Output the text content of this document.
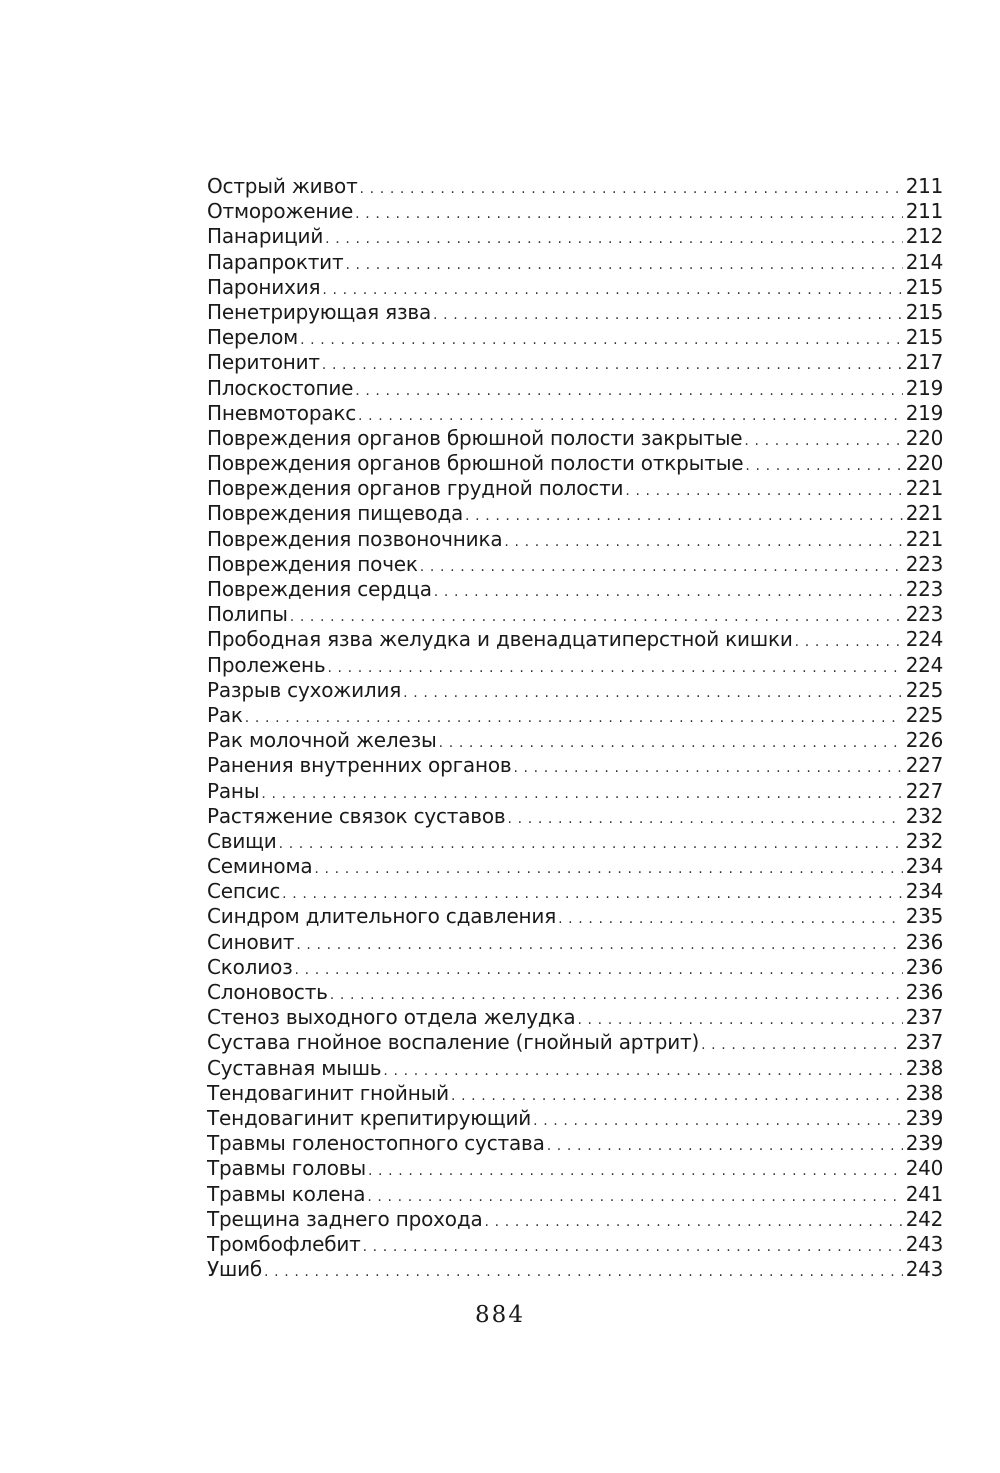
Острый живот . . .	211
Отморожение . . .	211
Панариций . . .	212
Парапроктит . . .	214
Паронихия . . .	215
Пенетрирующая язва . . .	215
Перелом . . .	215
Перитонит . . .	217
Плоскостопие . . .	219
Пневмоторакс . . .	219
Повреждения органов брюшной полости закрытые . . .	220
Повреждения органов брюшной полости открытые . . .	220
Повреждения органов грудной полости . . .	221
Повреждения пищевода . . .	221
Повреждения позвоночника . . .	221
Повреждения почек . . .	223
Повреждения сердца . . .	223
Полипы . . .	223
Прободная язва желудка и двенадцатиперстной кишки . . .	224
Пролежень . . .	224
Разрыв сухожилия . . .	225
Рак . . .	225
Рак молочной железы . . .	226
Ранения внутренних органов . . .	227
Раны . . .	227
Растяжение связок суставов . . .	232
Свищи . . .	232
Семинома . . .	234
Сепсис . . .	234
Синдром длительного сдавления . . .	235
Синовит . . .	236
Сколиоз . . .	236
Слоновость . . .	236
Стеноз выходного отдела желудка . . .	237
Сустава гнойное воспаление (гнойный артрит) . . .	237
Суставная мышь . . .	238
Тендовагинит гнойный . . .	238
Тендовагинит крепитирующий . . .	239
Травмы голеностопного сустава . . .	239
Травмы головы . . .	240
Травмы колена . . .	241
Трещина заднего прохода . . .	242
Тромбофлебит . . .	243
Ушиб . . .	243
884
